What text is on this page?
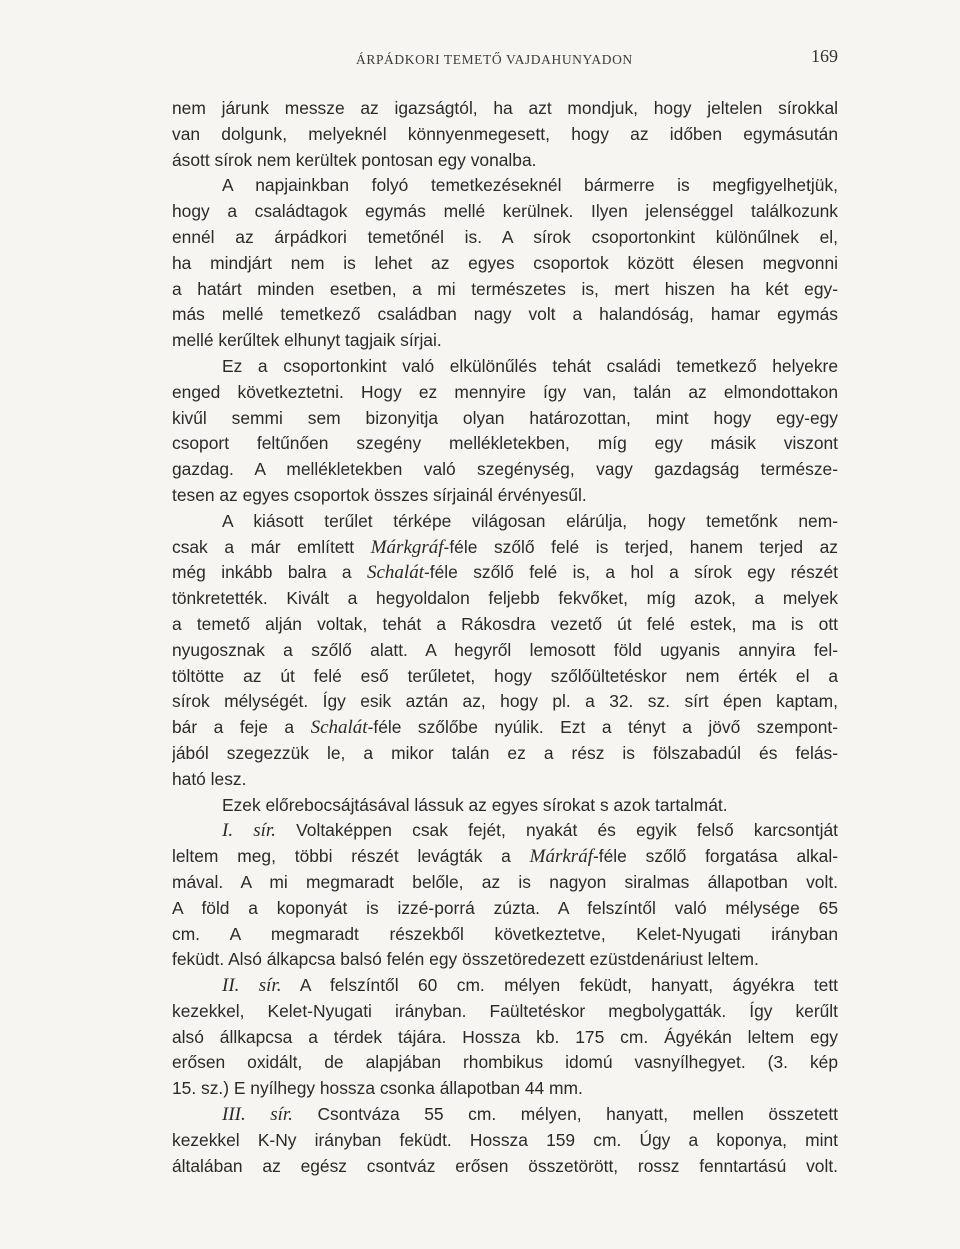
ÁRPÁDKORI TEMETŐ VAJDAHUNYADON	169

nem járunk messze az igazságtól, ha azt mondjuk, hogy jeltelen sírokkal
van dolgunk, melyeknél könnyenmegesett, hogy az időben egymásután
ásott sírok nem kerültek pontosan egy vonalba.

A napjainkban folyó temetkezéseknél bármerre is megfigyelhetjük,
hogy a családtagok egymás mellé kerülnek. Ilyen jelenséggel találkozunk
ennél az árpádkori temetőnél is. A sírok csoportonkint különűlnek el,
ha mindjárt nem is lehet az egyes csoportok között élesen megvonni
a határt minden esetben, a mi természetes is, mert hiszen ha két egy-
más mellé temetkező családban nagy volt a halandóság, hamar egymás
mellé kerűltek elhunyt tagjaik sírjai.

Ez a csoportonkint való elkülönűlés tehát családi temetkező helyekre
enged következtetni. Hogy ez mennyire így van, talán az elmondottakon
kivűl semmi sem bizonyitja olyan határozottan, mint hogy egy-egy
csoport feltűnően szegény mellékletekben, míg egy másik viszont
gazdag. A mellékletekben való szegénység, vagy gazdagság természe-
tesen az egyes csoportok összes sírjainál érvényesűl.

A kiásott terűlet térképe világosan elárúlja, hogy temetőnk nem-
csak a már említett Márkgráf-féle szőlő felé is terjed, hanem terjed az
még inkább balra a Schalát-féle szőlő felé is, a hol a sírok egy részét
tönkretették. Kivált a hegyoldalon feljebb fekvőket, míg azok, a melyek
a temető alján voltak, tehát a Rákosdra vezető út felé estek, ma is ott
nyugosznak a szőlő alatt. A hegyről lemosott föld ugyanis annyira fel-
töltötte az út felé eső terűletet, hogy szőlőültetéskor nem érték el a
sírok mélységét. Így esik aztán az, hogy pl. a 32. sz. sírt épen kaptam,
bár a feje a Schalát-féle szőlőbe nyúlik. Ezt a tényt a jövő szempont-
jából szegezzük le, a mikor talán ez a rész is fölszabadúl és felás-
ható lesz.

Ezek előrebocsájtásával lássuk az egyes sírokat s azok tartalmát.

I. sír. Voltaképpen csak fejét, nyakát és egyik felső karcsontját
leltem meg, többi részét levágták a Márkráf-féle szőlő forgatása alkal-
mával. A mi megmaradt belőle, az is nagyon siralmas állapotban volt.
A föld a koponyát is izzé-porrá zúzta. A felszíntől való mélysége 65
cm. A megmaradt részekből következtetve, Kelet-Nyugati irányban
feküdt. Alsó álkapcsa balsó felén egy összetöredezett ezüstdenáriust leltem.

II. sír. A felszíntől 60 cm. mélyen feküdt, hanyatt, ágyékra tett
kezekkel, Kelet-Nyugati irányban. Faültetéskor megbolygatták. Így kerűlt
alsó állkapcsa a térdek tájára. Hossza kb. 175 cm. Ágyékán leltem egy
erősen oxidált, de alapjában rhombikus idomú vasnyílhegyet. (3. kép
15. sz.) E nyílhegy hossza csonka állapotban 44 mm.

III. sír. Csontváza 55 cm. mélyen, hanyatt, mellen összetett
kezekkel K-Ny irányban feküdt. Hossza 159 cm. Úgy a koponya, mint
általában az egész csontváz erősen összetörött, rossz fenntartású volt.
